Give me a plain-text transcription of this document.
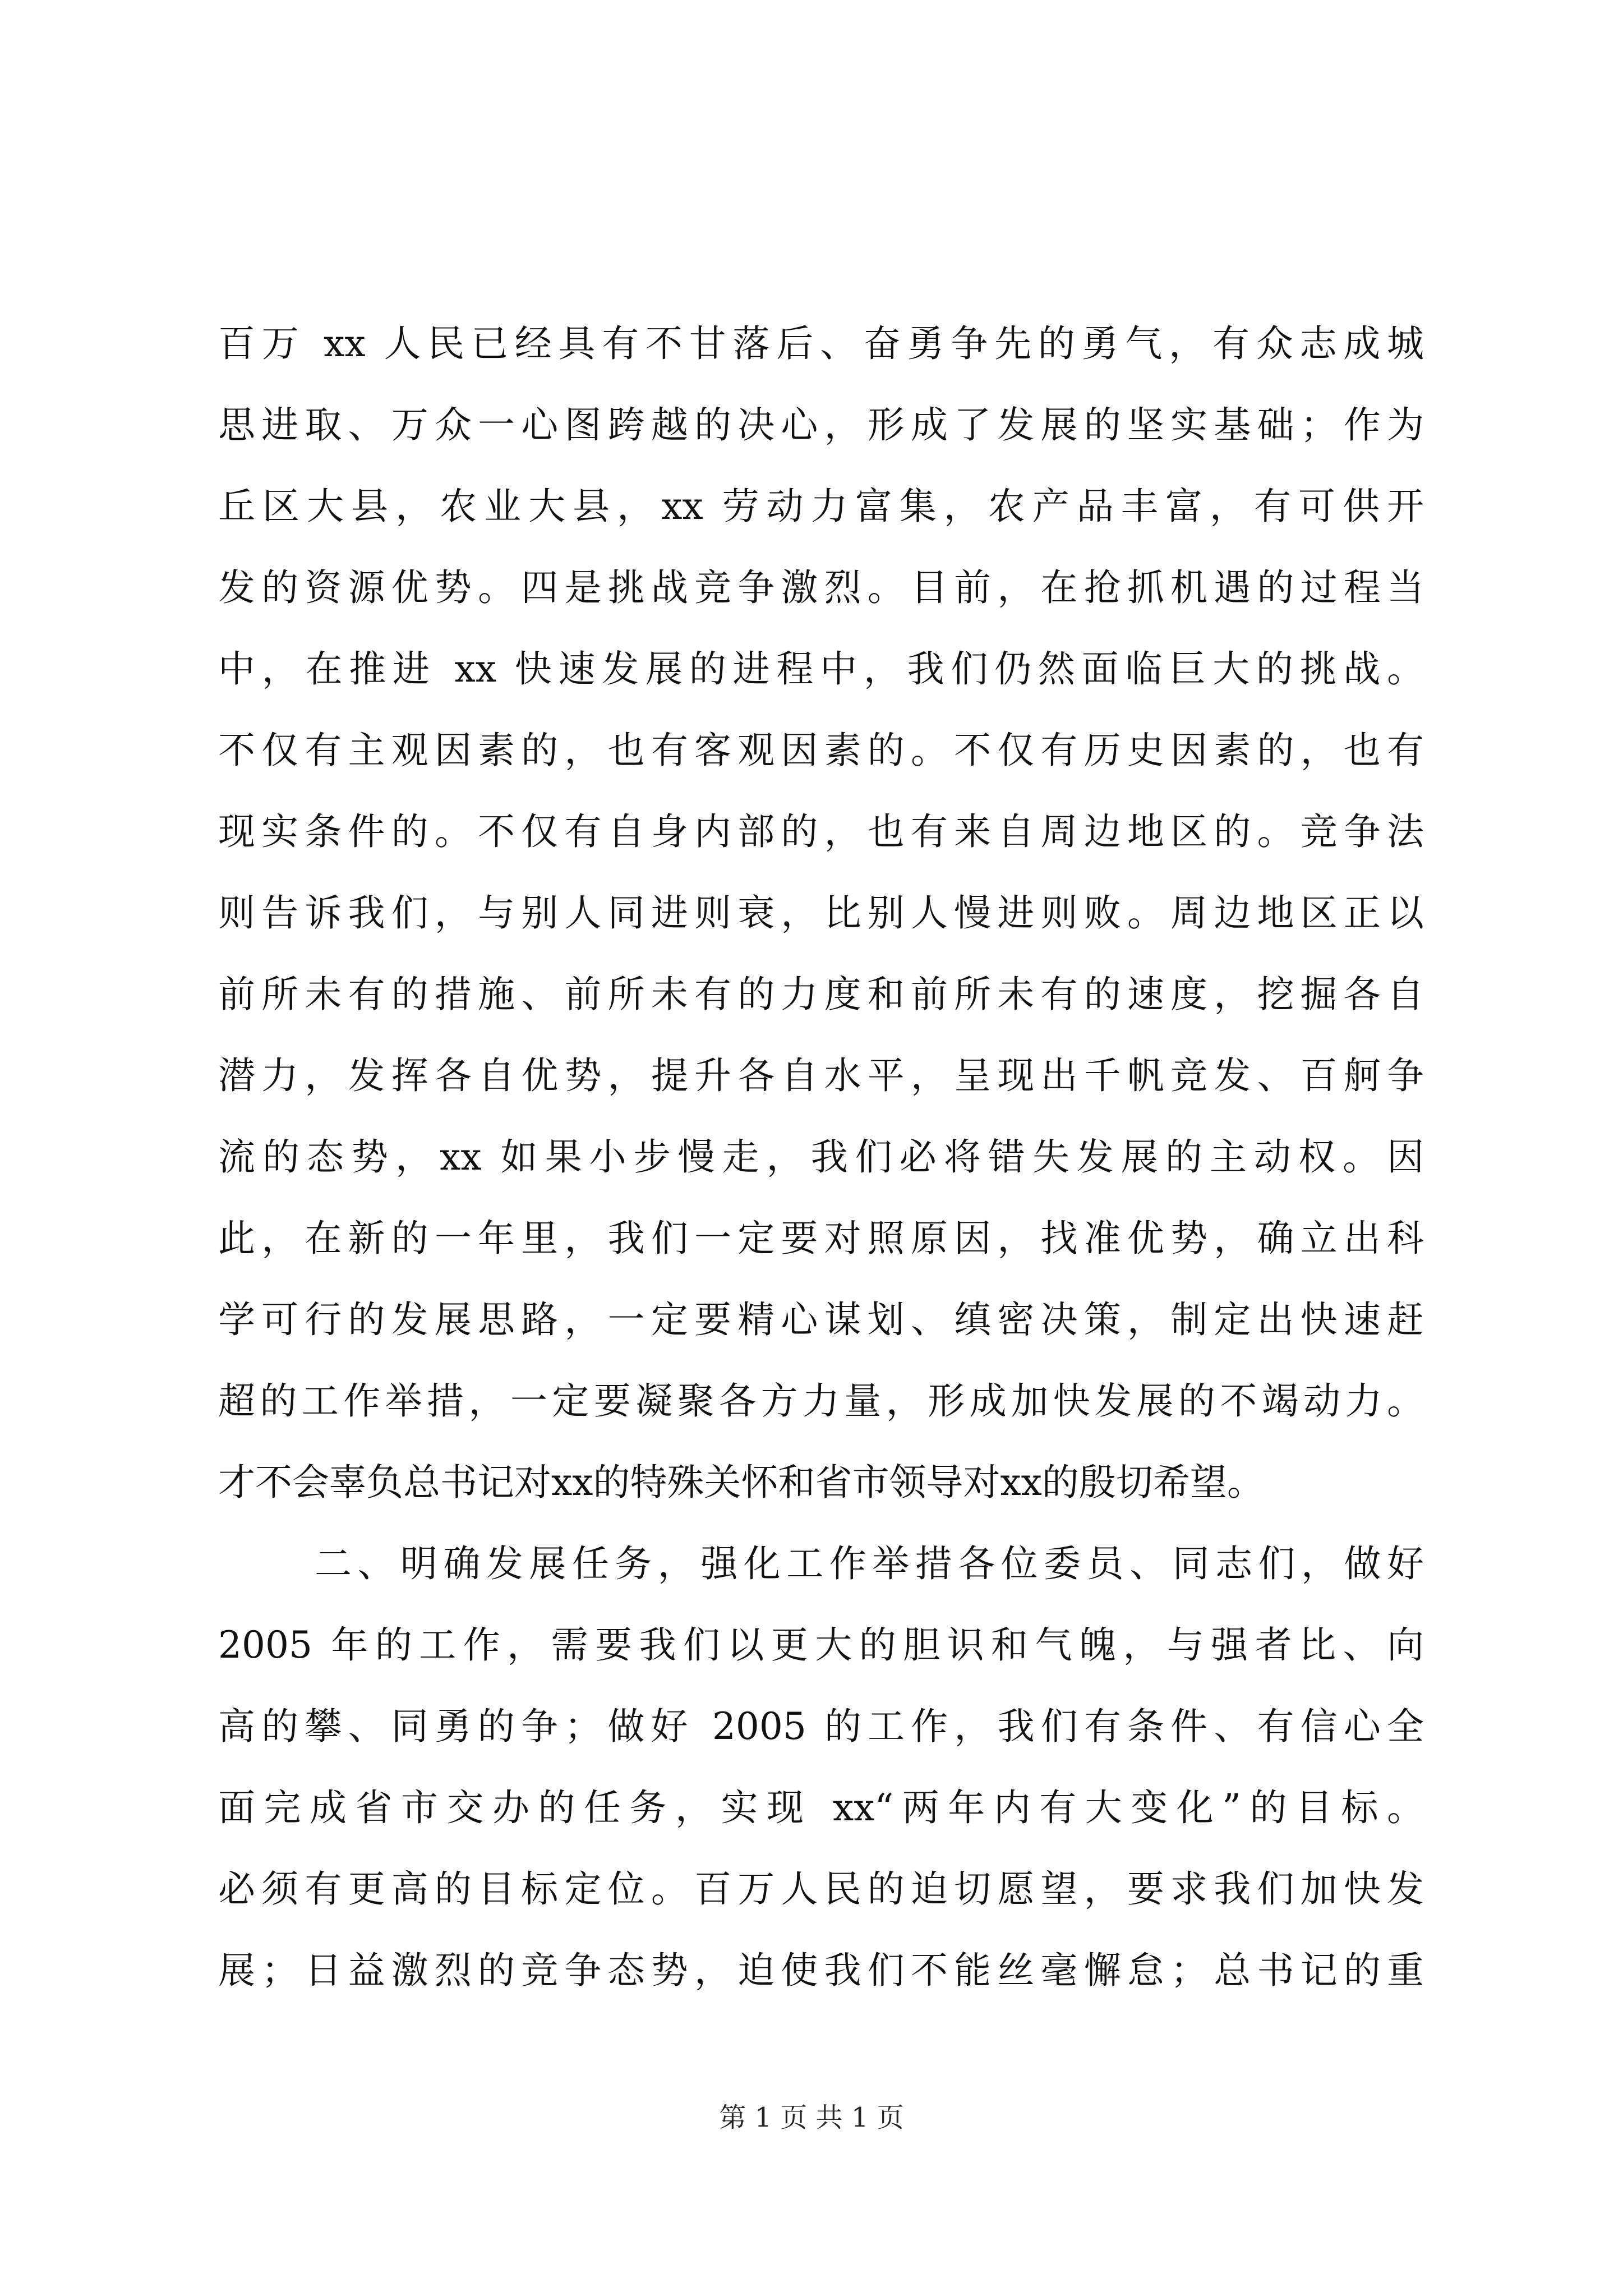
百万 xx 人民已经具有不甘落后、奋勇争先的勇气，有众志成城
思进取、万众一心图跨越的决心，形成了发展的坚实基础；作为
丘区大县，农业大县，xx 劳动力富集，农产品丰富，有可供开
发的资源优势。四是挑战竞争激烈。目前，在抢抓机遇的过程当
中，在推进 xx 快速发展的进程中，我们仍然面临巨大的挑战。
不仅有主观因素的，也有客观因素的。不仅有历史因素的，也有
现实条件的。不仅有自身内部的，也有来自周边地区的。竞争法
则告诉我们，与别人同进则衰，比别人慢进则败。周边地区正以
前所未有的措施、前所未有的力度和前所未有的速度，挖掘各自
潜力，发挥各自优势，提升各自水平，呈现出千帆竞发、百舸争
流的态势，xx 如果小步慢走，我们必将错失发展的主动权。因
此，在新的一年里，我们一定要对照原因，找准优势，确立出科
学可行的发展思路，一定要精心谋划、缜密决策，制定出快速赶
超的工作举措，一定要凝聚各方力量，形成加快发展的不竭动力。
才不会辜负总书记对xx的特殊关怀和省市领导对xx的殷切希望。
二、明确发展任务，强化工作举措各位委员、同志们，做好
2005 年的工作，需要我们以更大的胆识和气魄，与强者比、向
高的攀、同勇的争；做好 2005 的工作，我们有条件、有信心全
面完成省市交办的任务，实现 xx“两年内有大变化”的目标。
必须有更高的目标定位。百万人民的迫切愿望，要求我们加快发
展；日益激烈的竞争态势，迫使我们不能丝毫懈怠；总书记的重
第 1 页 共 1 页
